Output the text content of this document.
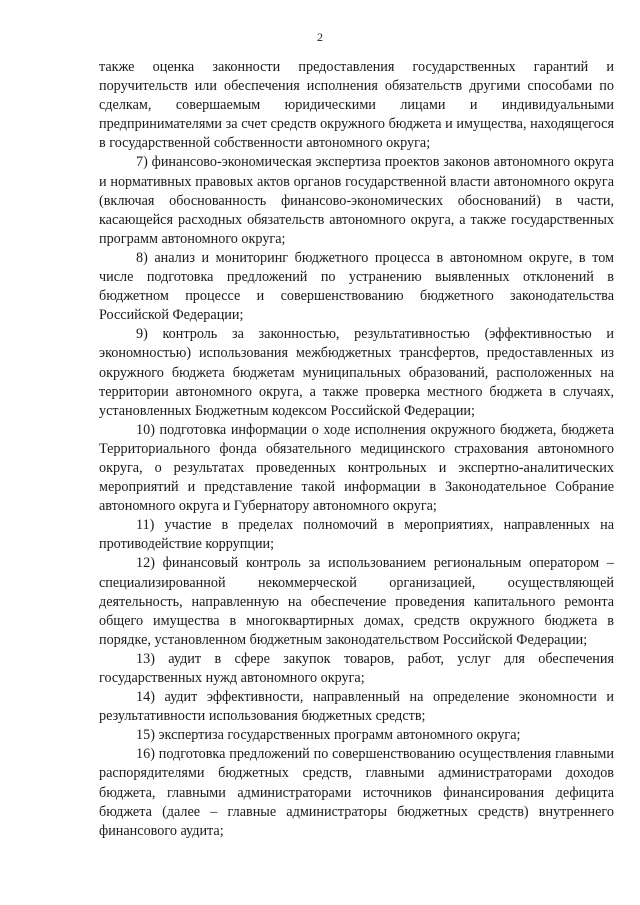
2

также оценка законности предоставления государственных гарантий и поручительств или обеспечения исполнения обязательств другими способами по сделкам, совершаемым юридическими лицами и индивидуальными предпринимателями за счет средств окружного бюджета и имущества, находящегося в государственной собственности автономного округа;

7) финансово-экономическая экспертиза проектов законов автономного округа и нормативных правовых актов органов государственной власти автономного округа (включая обоснованность финансово-экономических обоснований) в части, касающейся расходных обязательств автономного округа, а также государственных программ автономного округа;

8) анализ и мониторинг бюджетного процесса в автономном округе, в том числе подготовка предложений по устранению выявленных отклонений в бюджетном процессе и совершенствованию бюджетного законодательства Российской Федерации;

9) контроль за законностью, результативностью (эффективностью и экономностью) использования межбюджетных трансфертов, предоставленных из окружного бюджета бюджетам муниципальных образований, расположенных на территории автономного округа, а также проверка местного бюджета в случаях, установленных Бюджетным кодексом Российской Федерации;

10) подготовка информации о ходе исполнения окружного бюджета, бюджета Территориального фонда обязательного медицинского страхования автономного округа, о результатах проведенных контрольных и экспертно-аналитических мероприятий и представление такой информации в Законодательное Собрание автономного округа и Губернатору автономного округа;

11) участие в пределах полномочий в мероприятиях, направленных на противодействие коррупции;

12) финансовый контроль за использованием региональным оператором – специализированной некоммерческой организацией, осуществляющей деятельность, направленную на обеспечение проведения капитального ремонта общего имущества в многоквартирных домах, средств окружного бюджета в порядке, установленном бюджетным законодательством Российской Федерации;

13) аудит в сфере закупок товаров, работ, услуг для обеспечения государственных нужд автономного округа;

14) аудит эффективности, направленный на определение экономности и результативности использования бюджетных средств;

15) экспертиза государственных программ автономного округа;

16) подготовка предложений по совершенствованию осуществления главными распорядителями бюджетных средств, главными администраторами доходов бюджета, главными администраторами источников финансирования дефицита бюджета (далее – главные администраторы бюджетных средств) внутреннего финансового аудита;
